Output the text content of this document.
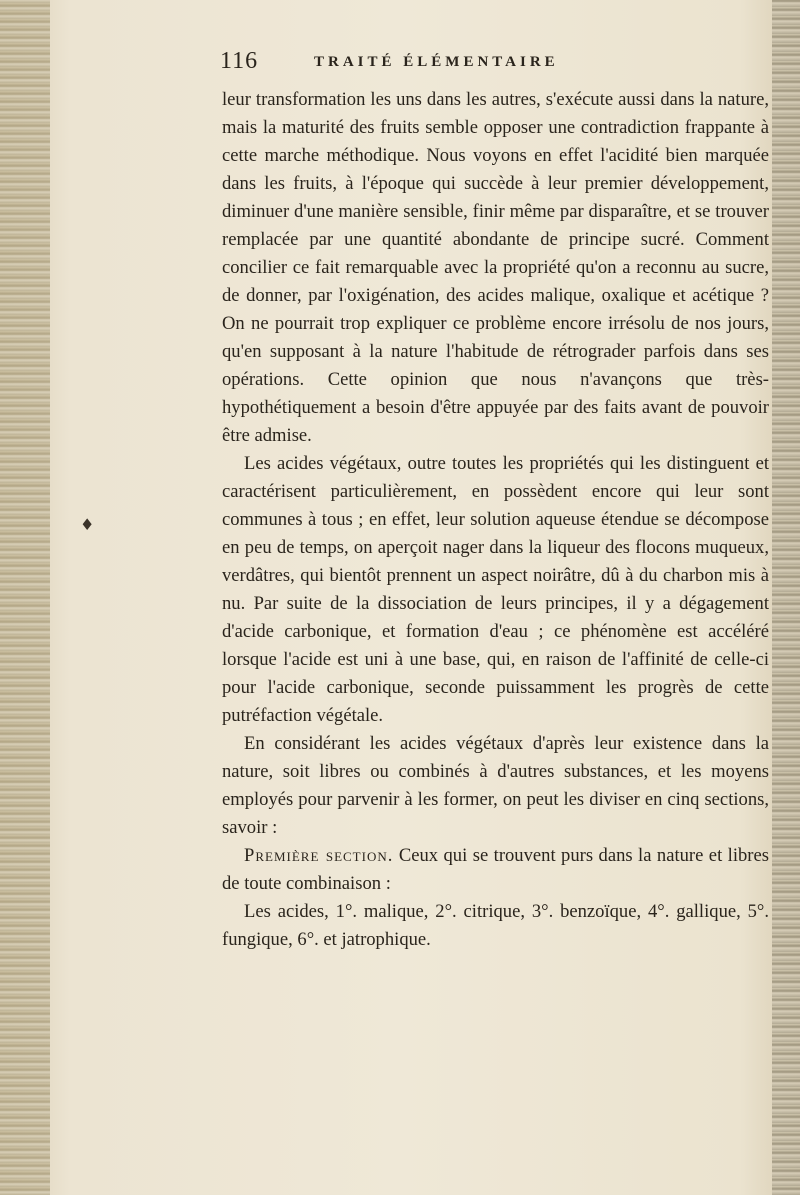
116	TRAITÉ ÉLÉMENTAIRE
♦

leur transformation les uns dans les autres, s'exécute aussi dans la nature, mais la maturité des fruits semble opposer une contradiction frappante à cette marche méthodique. Nous voyons en effet l'acidité bien marquée dans les fruits, à l'époque qui succède à leur premier développement, diminuer d'une manière sensible, finir même par disparaître, et se trouver remplacée par une quantité abondante de principe sucré. Comment concilier ce fait remarquable avec la propriété qu'on a reconnu au sucre, de donner, par l'oxigénation, des acides malique, oxalique et acétique ? On ne pourrait trop expliquer ce problème encore irrésolu de nos jours, qu'en supposant à la nature l'habitude de rétrograder parfois dans ses opérations. Cette opinion que nous n'avançons que très-hypothétiquement a besoin d'être appuyée par des faits avant de pouvoir être admise.

Les acides végétaux, outre toutes les propriétés qui les distinguent et caractérisent particulièrement, en possèdent encore qui leur sont communes à tous ; en effet, leur solution aqueuse étendue se décompose en peu de temps, on aperçoit nager dans la liqueur des flocons muqueux, verdâtres, qui bientôt prennent un aspect noirâtre, dû à du charbon mis à nu. Par suite de la dissociation de leurs principes, il y a dégagement d'acide carbonique, et formation d'eau ; ce phénomène est accéléré lorsque l'acide est uni à une base, qui, en raison de l'affinité de celle-ci pour l'acide carbonique, seconde puissamment les progrès de cette putréfaction végétale.

En considérant les acides végétaux d'après leur existence dans la nature, soit libres ou combinés à d'autres substances, et les moyens employés pour parvenir à les former, on peut les diviser en cinq sections, savoir :

Première section. Ceux qui se trouvent purs dans la nature et libres de toute combinaison :

Les acides, 1°. malique, 2°. citrique, 3°. benzoïque, 4°. gallique, 5°. fungique, 6°. et jatrophique.
